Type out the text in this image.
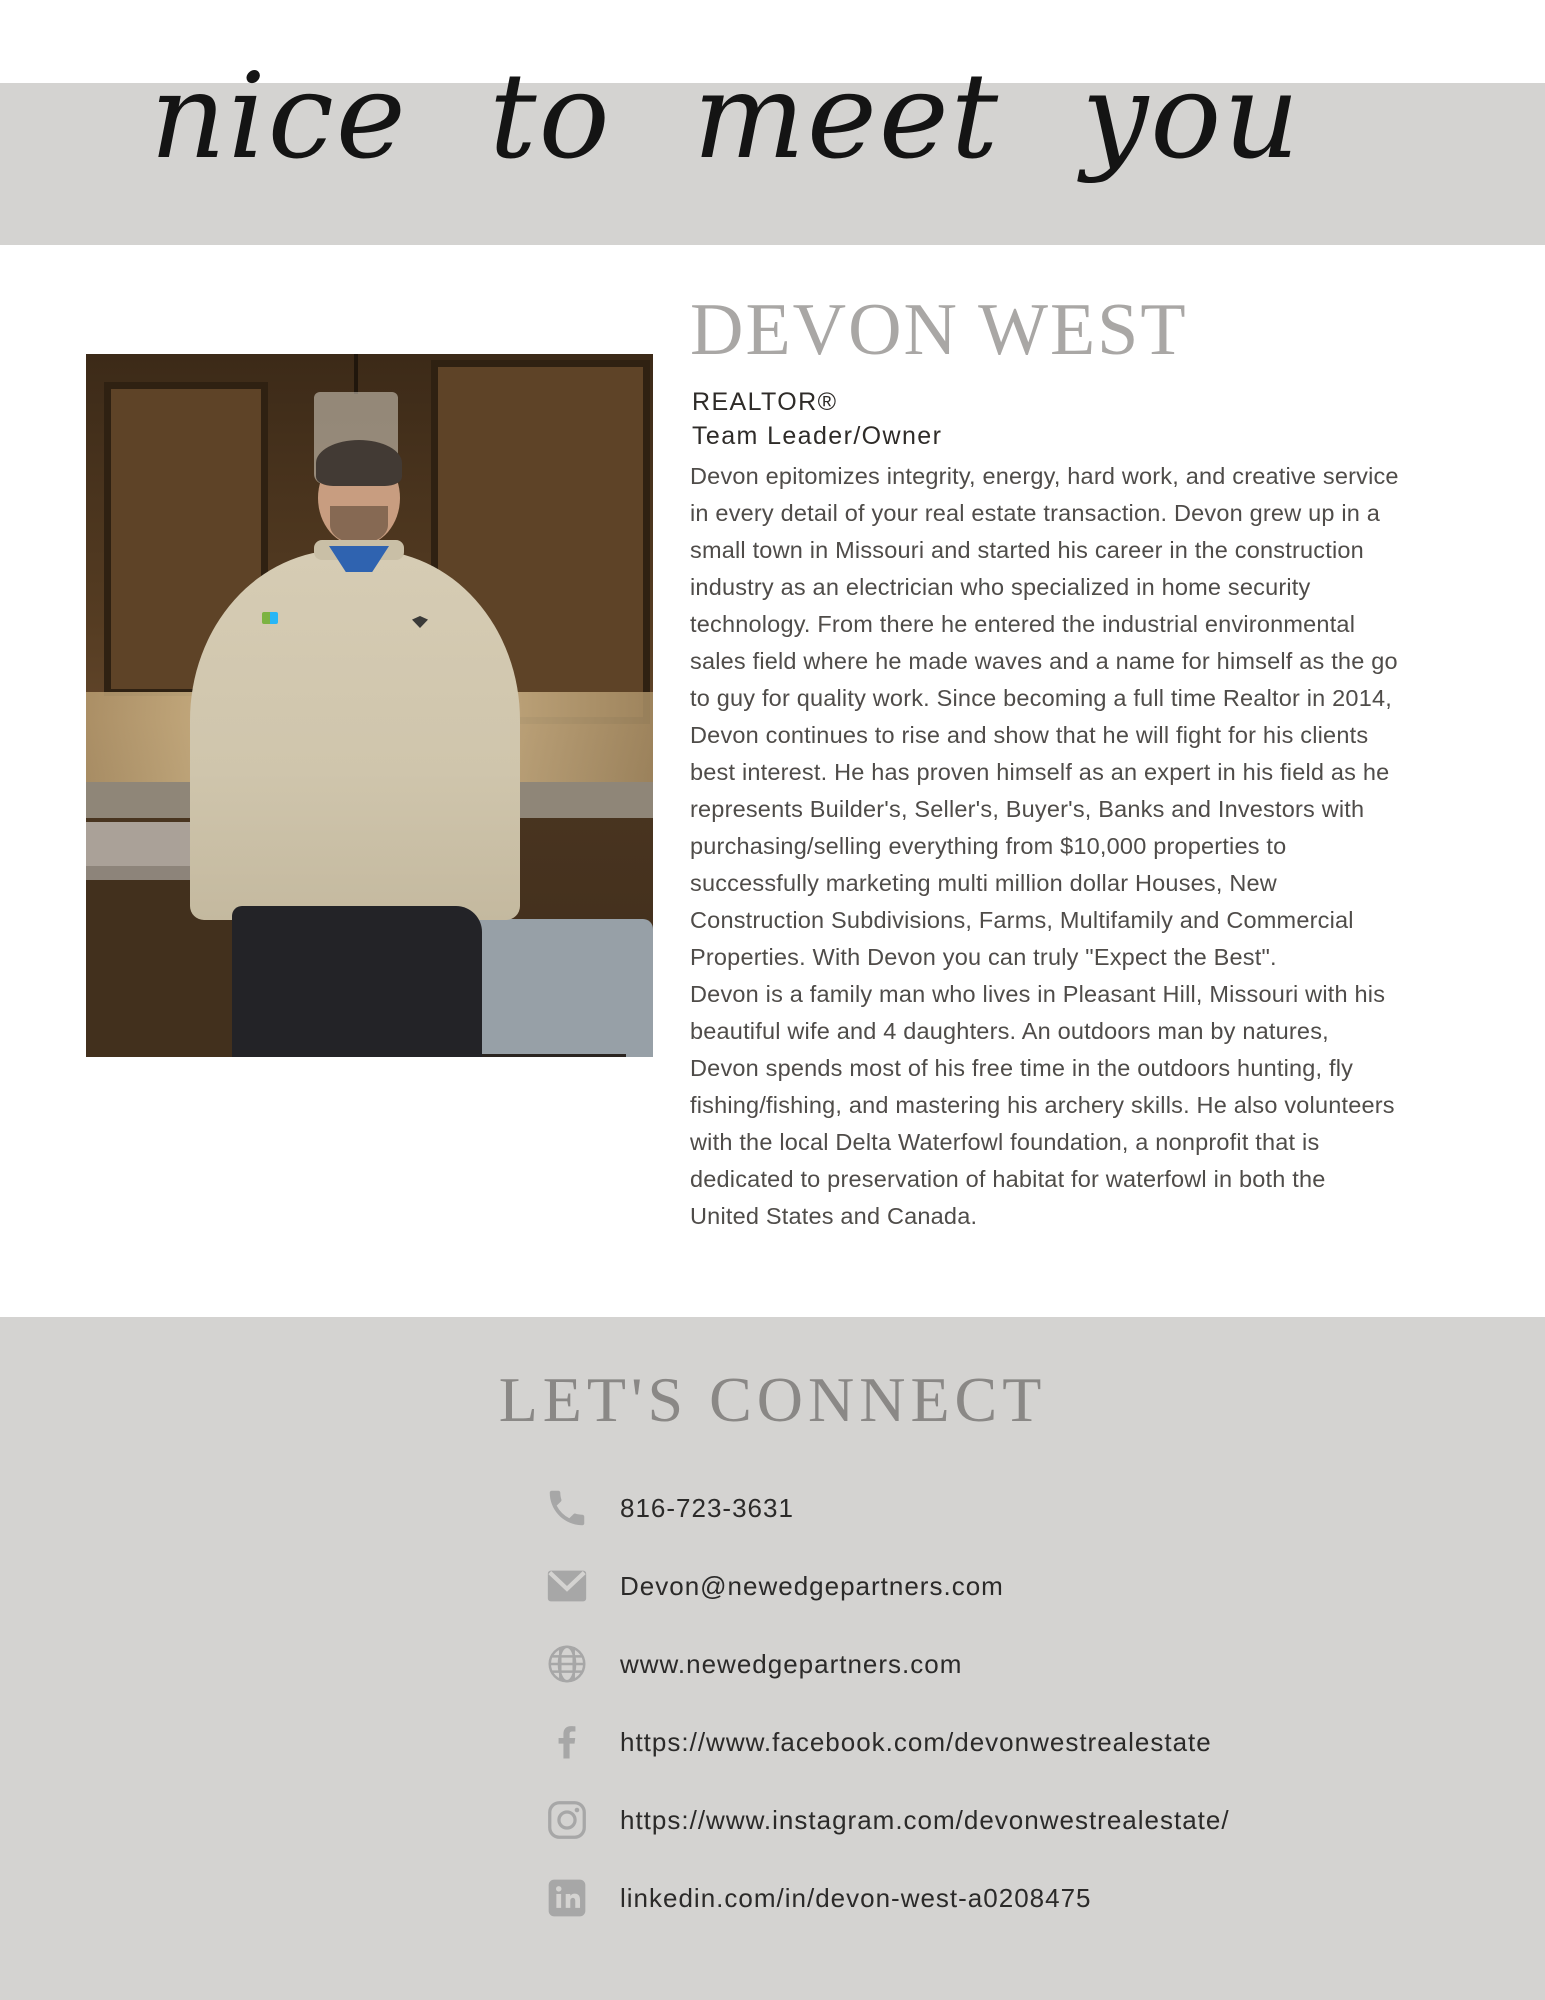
nice to meet you
DEVON WEST
REALTOR®
Team Leader/Owner

Devon epitomizes integrity, energy, hard work, and creative service in every detail of your real estate transaction. Devon grew up in a small town in Missouri and started his career in the construction industry as an electrician who specialized in home security technology. From there he entered the industrial environmental sales field where he made waves and a name for himself as the go to guy for quality work. Since becoming a full time Realtor in 2014, Devon continues to rise and show that he will fight for his clients best interest. He has proven himself as an expert in his field as he represents Builder's, Seller's, Buyer's, Banks and Investors with purchasing/selling everything from $10,000 properties to successfully marketing multi million dollar Houses, New Construction Subdivisions, Farms, Multifamily and Commercial Properties. With Devon you can truly "Expect the Best".

Devon is a family man who lives in Pleasant Hill, Missouri with his beautiful wife and 4 daughters. An outdoors man by natures, Devon spends most of his free time in the outdoors hunting, fly fishing/fishing, and mastering his archery skills. He also volunteers with the local Delta Waterfowl foundation, a nonprofit that is dedicated to preservation of habitat for waterfowl in both the United States and Canada.

LET'S CONNECT
816-723-3631
Devon@newedgepartners.com
www.newedgepartners.com
https://www.facebook.com/devonwestrealestate
https://www.instagram.com/devonwestrealestate/
linkedin.com/in/devon-west-a0208475
